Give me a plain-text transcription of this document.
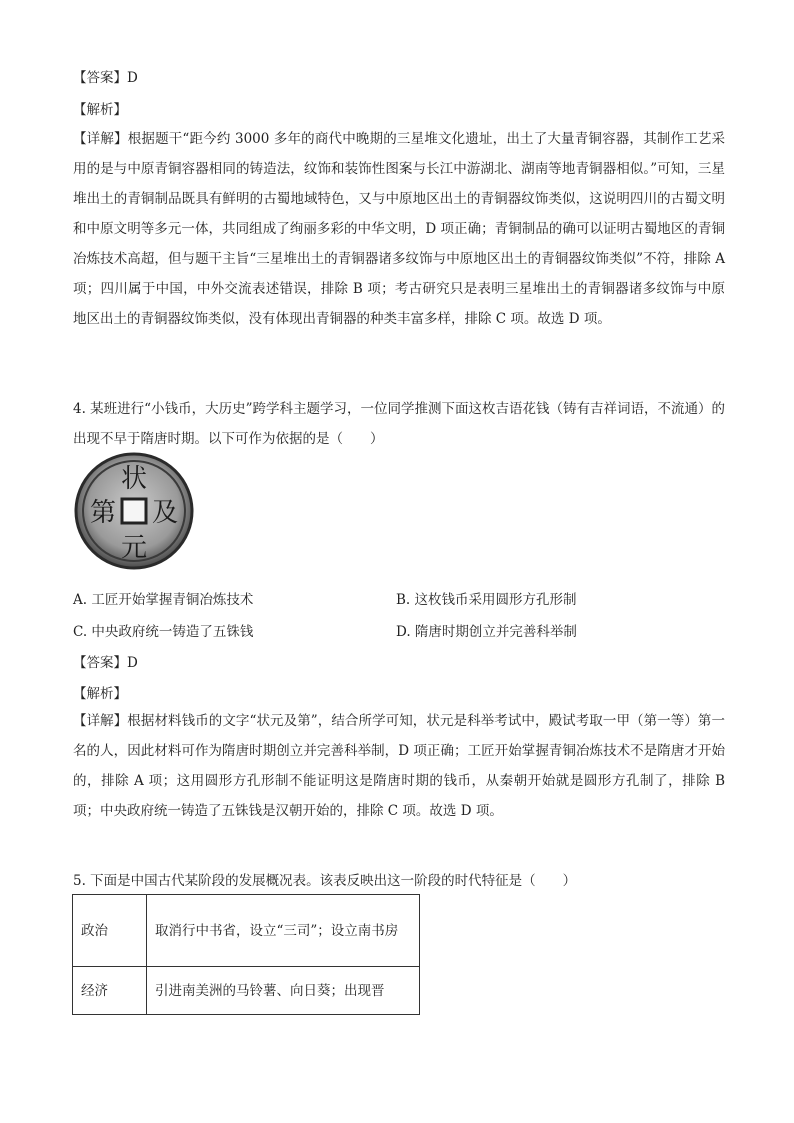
【答案】D
【解析】
【详解】根据题干“距今约 3000 多年的商代中晚期的三星堆文化遗址，出土了大量青铜容器，其制作工艺采用的是与中原青铜容器相同的铸造法，纹饰和装饰性图案与长江中游湖北、湖南等地青铜器相似。”可知，三星堆出土的青铜制品既具有鲜明的古蜀地域特色，又与中原地区出土的青铜器纹饰类似，这说明四川的古蜀文明和中原文明等多元一体，共同组成了绚丽多彩的中华文明，D 项正确；青铜制品的确可以证明古蜀地区的青铜冶炼技术高超，但与题干主旨“三星堆出土的青铜器诸多纹饰与中原地区出土的青铜器纹饰类似”不符，排除 A 项；四川属于中国，中外交流表述错误，排除 B 项；考古研究只是表明三星堆出土的青铜器诸多纹饰与中原地区出土的青铜器纹饰类似，没有体现出青铜器的种类丰富多样，排除 C 项。故选 D 项。
4. 某班进行“小钱币，大历史”跨学科主题学习，一位同学推测下面这枚吉语花钱（铸有吉祥词语，不流通）的出现不早于隋唐时期。以下可作为依据的是（　　）
状
及
元
第
A. 工匠开始掌握青铜冶炼技术	B. 这枚钱币采用圆形方孔形制
C. 中央政府统一铸造了五铢钱	D. 隋唐时期创立并完善科举制
【答案】D
【解析】
【详解】根据材料钱币的文字“状元及第”，结合所学可知，状元是科举考试中，殿试考取一甲（第一等）第一名的人，因此材料可作为隋唐时期创立并完善科举制，D 项正确；工匠开始掌握青铜冶炼技术不是隋唐才开始的，排除 A 项；这用圆形方孔形制不能证明这是隋唐时期的钱币，从秦朝开始就是圆形方孔制了，排除 B 项；中央政府统一铸造了五铢钱是汉朝开始的，排除 C 项。故选 D 项。
5. 下面是中国古代某阶段的发展概况表。该表反映出这一阶段的时代特征是（　　）
政治	取消行中书省，设立“三司”；设立南书房
经济	引进南美洲的马铃薯、向日葵；出现晋
